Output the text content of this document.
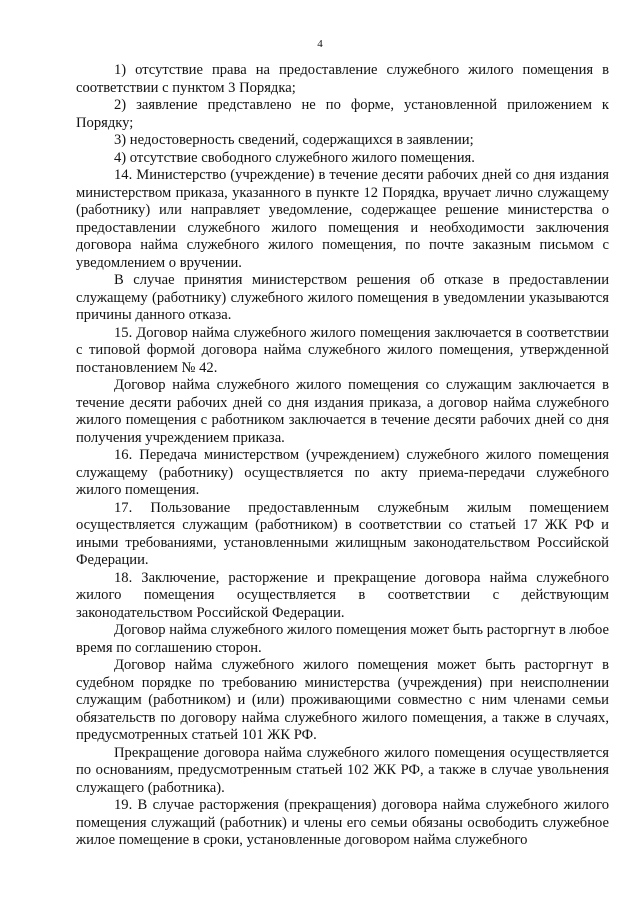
4

1) отсутствие права на предоставление служебного жилого помещения в соответствии с пунктом 3 Порядка;

2) заявление представлено не по форме, установленной приложением к Порядку;

3) недостоверность сведений, содержащихся в заявлении;

4) отсутствие свободного служебного жилого помещения.

14. Министерство (учреждение) в течение десяти рабочих дней со дня издания министерством приказа, указанного в пункте 12 Порядка, вручает лично служащему (работнику) или направляет уведомление, содержащее решение министерства о предоставлении служебного жилого помещения и необходимости заключения договора найма служебного жилого помещения, по почте заказным письмом с уведомлением о вручении.

В случае принятия министерством решения об отказе в предоставлении служащему (работнику) служебного жилого помещения в уведомлении указываются причины данного отказа.

15. Договор найма служебного жилого помещения заключается в соответствии с типовой формой договора найма служебного жилого помещения, утвержденной постановлением № 42.

Договор найма служебного жилого помещения со служащим заключается в течение десяти рабочих дней со дня издания приказа, а договор найма служебного жилого помещения с работником заключается в течение десяти рабочих дней со дня получения учреждением приказа.

16. Передача министерством (учреждением) служебного жилого помещения служащему (работнику) осуществляется по акту приема-передачи служебного жилого помещения.

17. Пользование предоставленным служебным жилым помещением осуществляется служащим (работником) в соответствии со статьей 17 ЖК РФ и иными требованиями, установленными жилищным законодательством Российской Федерации.

18. Заключение, расторжение и прекращение договора найма служебного жилого помещения осуществляется в соответствии с действующим законодательством Российской Федерации.

Договор найма служебного жилого помещения может быть расторгнут в любое время по соглашению сторон.

Договор найма служебного жилого помещения может быть расторгнут в судебном порядке по требованию министерства (учреждения) при неисполнении служащим (работником) и (или) проживающими совместно с ним членами семьи обязательств по договору найма служебного жилого помещения, а также в случаях, предусмотренных статьей 101 ЖК РФ.

Прекращение договора найма служебного жилого помещения осуществляется по основаниям, предусмотренным статьей 102 ЖК РФ, а также в случае увольнения служащего (работника).

19. В случае расторжения (прекращения) договора найма служебного жилого помещения служащий (работник) и члены его семьи обязаны освободить служебное жилое помещение в сроки, установленные договором найма служебного
